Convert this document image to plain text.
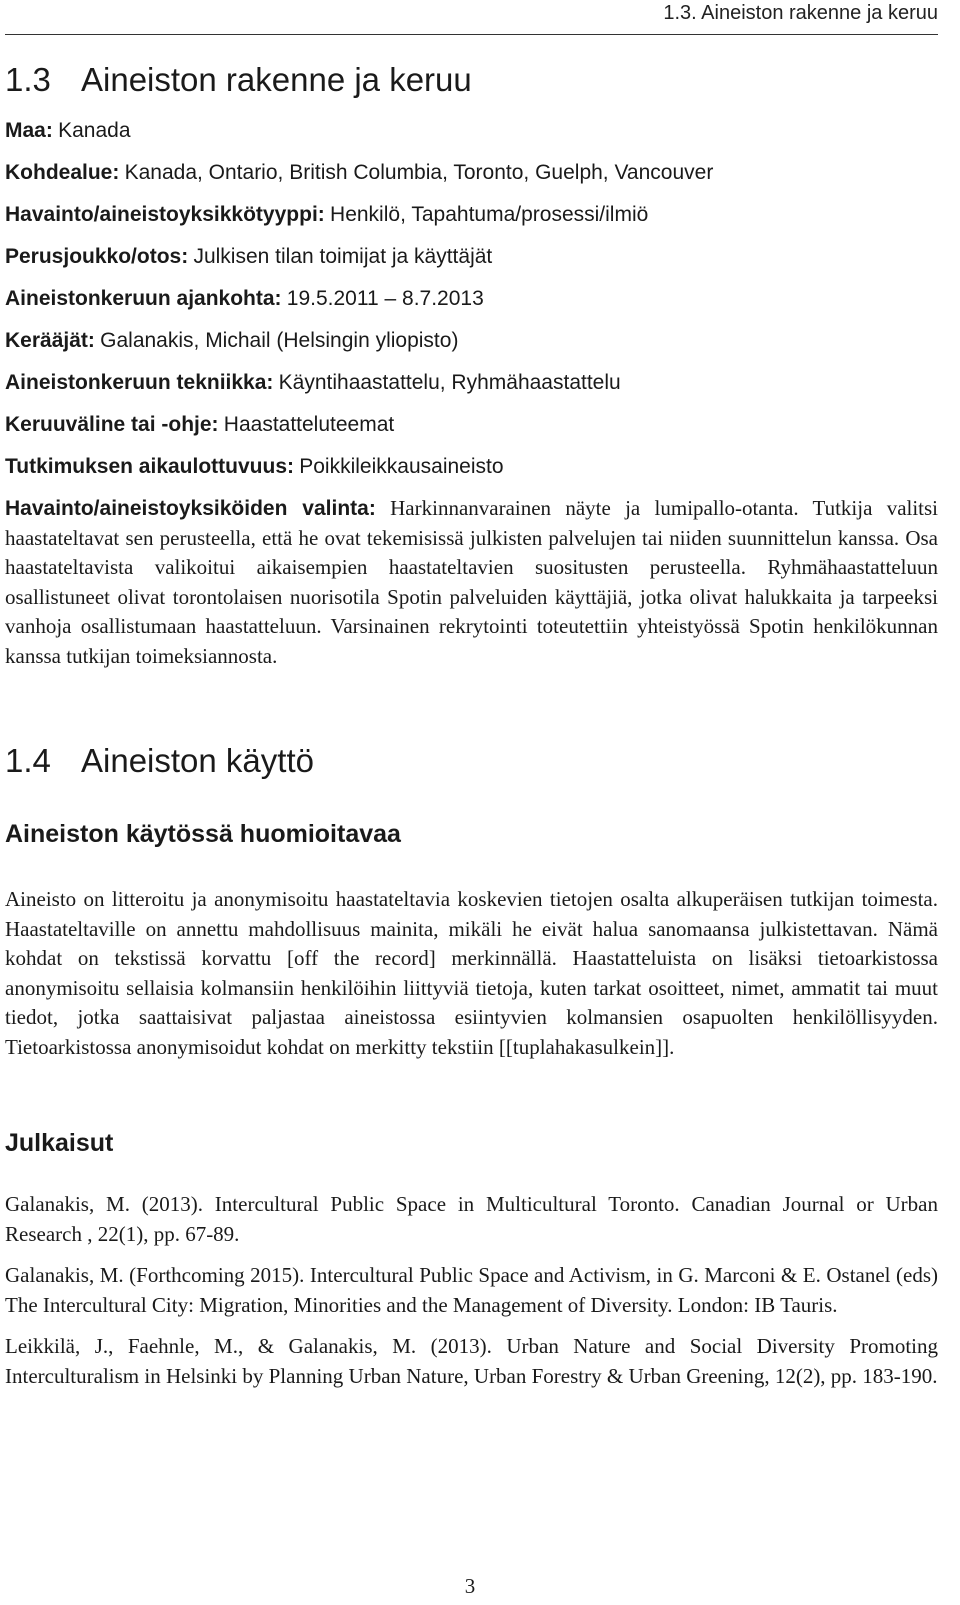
1.3. Aineiston rakenne ja keruu
1.3 Aineiston rakenne ja keruu

Maa: Kanada

Kohdealue: Kanada, Ontario, British Columbia, Toronto, Guelph, Vancouver

Havainto/aineistoyksikkötyyppi: Henkilö, Tapahtuma/prosessi/ilmiö

Perusjoukko/otos: Julkisen tilan toimijat ja käyttäjät

Aineistonkeruun ajankohta: 19.5.2011 – 8.7.2013

Kerääjät: Galanakis, Michail (Helsingin yliopisto)

Aineistonkeruun tekniikka: Käyntihaastattelu, Ryhmähaastattelu

Keruuväline tai -ohje: Haastatteluteemat

Tutkimuksen aikaulottuvuus: Poikkileikkausaineisto

Havainto/aineistoyksiköiden valinta: Harkinnanvarainen näyte ja lumipallo-otanta. Tutkija valitsi haastateltavat sen perusteella, että he ovat tekemisissä julkisten palvelujen tai niiden suunnittelun kanssa. Osa haastateltavista valikoitui aikaisempien haastateltavien suositusten perusteella. Ryhmähaastatteluun osallistuneet olivat torontolaisen nuorisotila Spotin palveluiden käyttäjiä, jotka olivat halukkaita ja tarpeeksi vanhoja osallistumaan haastatteluun. Varsinainen rekrytointi toteutettiin yhteistyössä Spotin henkilökunnan kanssa tutkijan toimeksiannosta.

1.4 Aineiston käyttö
Aineiston käytössä huomioitavaa

Aineisto on litteroitu ja anonymisoitu haastateltavia koskevien tietojen osalta alkuperäisen tutkijan toimesta. Haastateltaville on annettu mahdollisuus mainita, mikäli he eivät halua sanomaansa julkistettavan. Nämä kohdat on tekstissä korvattu [off the record] merkinnällä. Haastatteluista on lisäksi tietoarkistossa anonymisoitu sellaisia kolmansiin henkilöihin liittyviä tietoja, kuten tarkat osoitteet, nimet, ammatit tai muut tiedot, jotka saattaisivat paljastaa aineistossa esiintyvien kolmansien osapuolten henkilöllisyyden. Tietoarkistossa anonymisoidut kohdat on merkitty tekstiin [[tuplahakasulkein]].

Julkaisut

Galanakis, M. (2013). Intercultural Public Space in Multicultural Toronto. Canadian Journal or Urban Research , 22(1), pp. 67-89.

Galanakis, M. (Forthcoming 2015). Intercultural Public Space and Activism, in G. Marconi & E. Ostanel (eds) The Intercultural City: Migration, Minorities and the Management of Diversity. London: IB Tauris.

Leikkilä, J., Faehnle, M., & Galanakis, M. (2013). Urban Nature and Social Diversity Promoting Interculturalism in Helsinki by Planning Urban Nature, Urban Forestry & Urban Greening, 12(2), pp. 183-190.

3
